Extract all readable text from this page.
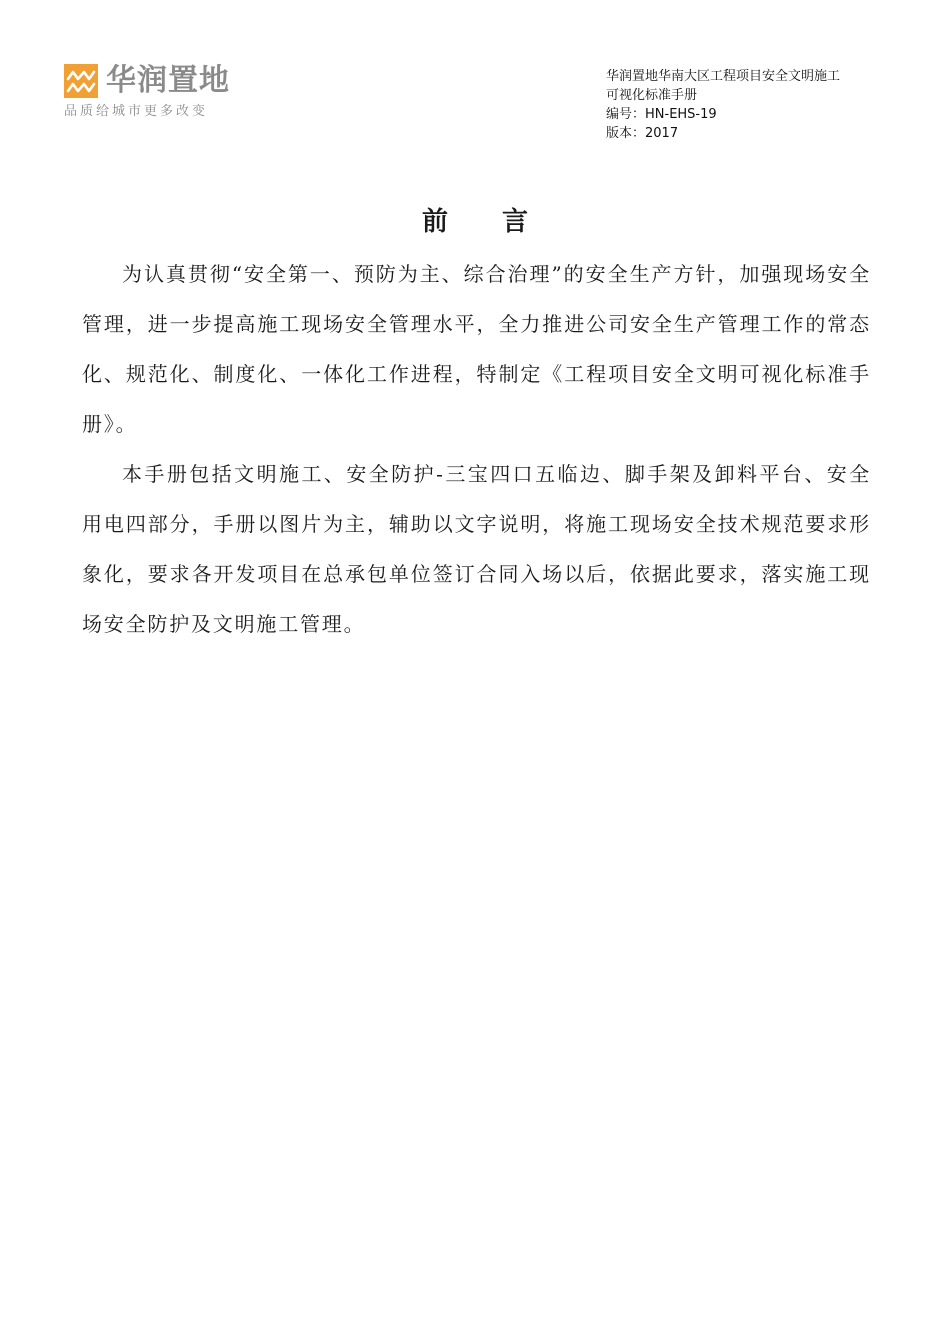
华润置地
品质给城市更多改变
华润置地华南大区工程项目安全文明施工
可视化标准手册
编号：HN-EHS-19
版本：2017
前言

为认真贯彻“安全第一、预防为主、综合治理”的安全生产方针，加强现场安全管理，进一步提高施工现场安全管理水平，全力推进公司安全生产管理工作的常态化、规范化、制度化、一体化工作进程，特制定《工程项目安全文明可视化标准手册》。

本手册包括文明施工、安全防护-三宝四口五临边、脚手架及卸料平台、安全用电四部分，手册以图片为主，辅助以文字说明，将施工现场安全技术规范要求形象化，要求各开发项目在总承包单位签订合同入场以后，依据此要求，落实施工现场安全防护及文明施工管理。
